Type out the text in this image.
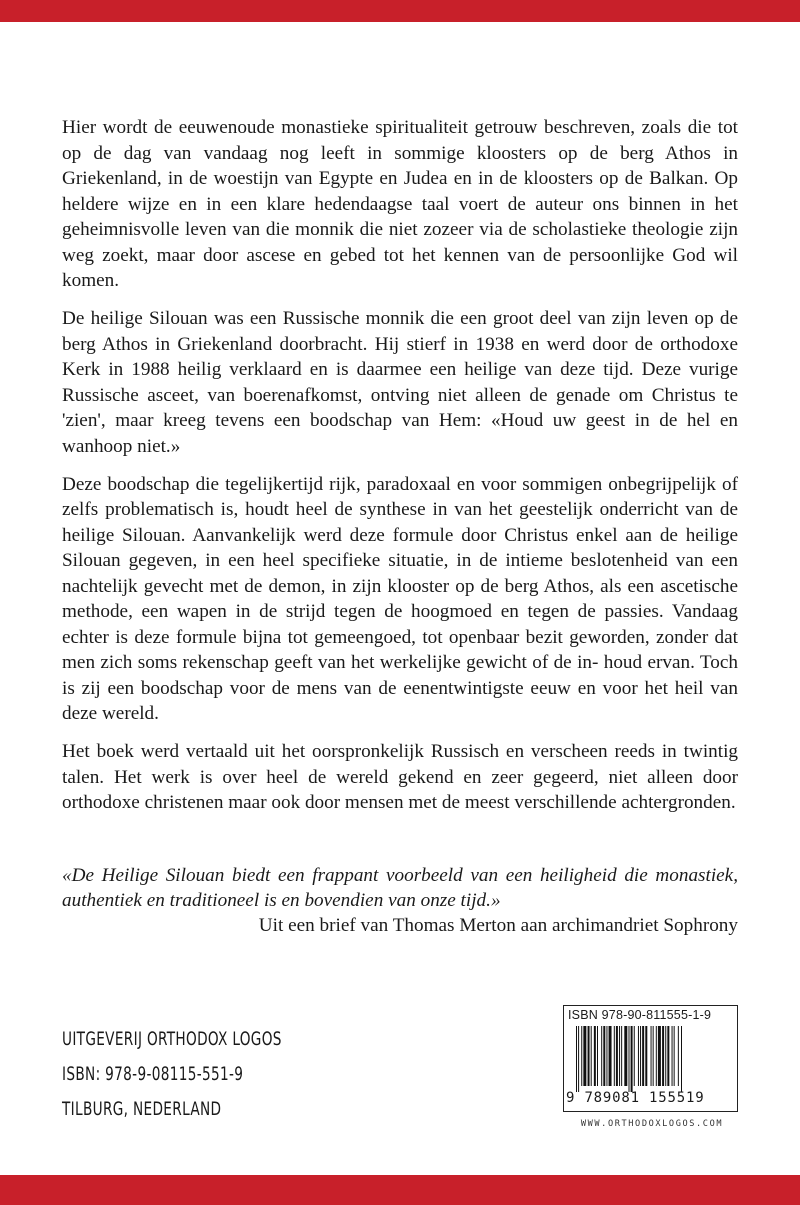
Hier wordt de eeuwenoude monastieke spiritualiteit getrouw beschreven, zoals die tot op de dag van vandaag nog leeft in sommige kloosters op de berg Athos in Griekenland, in de woestijn van Egypte en Judea en in de kloosters op de Balkan. Op heldere wijze en in een klare hedendaagse taal voert de auteur ons binnen in het geheimnisvolle leven van die monnik die niet zozeer via de scholastieke theologie zijn weg zoekt, maar door ascese en gebed tot het kennen van de persoonlijke God wil komen.

De heilige Silouan was een Russische monnik die een groot deel van zijn leven op de berg Athos in Griekenland doorbracht. Hij stierf in 1938 en werd door de orthodoxe Kerk in 1988 heilig verklaard en is daarmee een heilige van deze tijd. Deze vurige Russische asceet, van boerenafkomst, ontving niet alleen de genade om Christus te 'zien', maar kreeg tevens een boodschap van Hem: «Houd uw geest in de hel en wanhoop niet.»

Deze boodschap die tegelijkertijd rijk, paradoxaal en voor sommigen onbegrijpelijk of zelfs problematisch is, houdt heel de synthese in van het geestelijk onderricht van de heilige Silouan. Aanvankelijk werd deze formule door Christus enkel aan de heilige Silouan gegeven, in een heel specifieke situatie, in de intieme beslotenheid van een nachtelijk gevecht met de demon, in zijn klooster op de berg Athos, als een ascetische methode, een wapen in de strijd tegen de hoogmoed en tegen de passies. Vandaag echter is deze formule bijna tot gemeengoed, tot openbaar bezit geworden, zonder dat men zich soms rekenschap geeft van het werkelijke gewicht of de in- houd ervan. Toch is zij een boodschap voor de mens van de eenentwintigste eeuw en voor het heil van deze wereld.

Het boek werd vertaald uit het oorspronkelijk Russisch en verscheen reeds in twintig talen. Het werk is over heel de wereld gekend en zeer gegeerd, niet alleen door orthodoxe christenen maar ook door mensen met de meest verschillende achtergronden.

«De Heilige Silouan biedt een frappant voorbeeld van een heiligheid die monastiek, authentiek en traditioneel is en bovendien van onze tijd.»

Uit een brief van Thomas Merton aan archimandriet Sophrony

UITGEVERIJ ORTHODOX LOGOS
ISBN: 978-9-08115-551-9
TILBURG, NEDERLAND
ISBN 978-90-811555-1-9
9 789081 155519
WWW.ORTHODOXLOGOS.COM
